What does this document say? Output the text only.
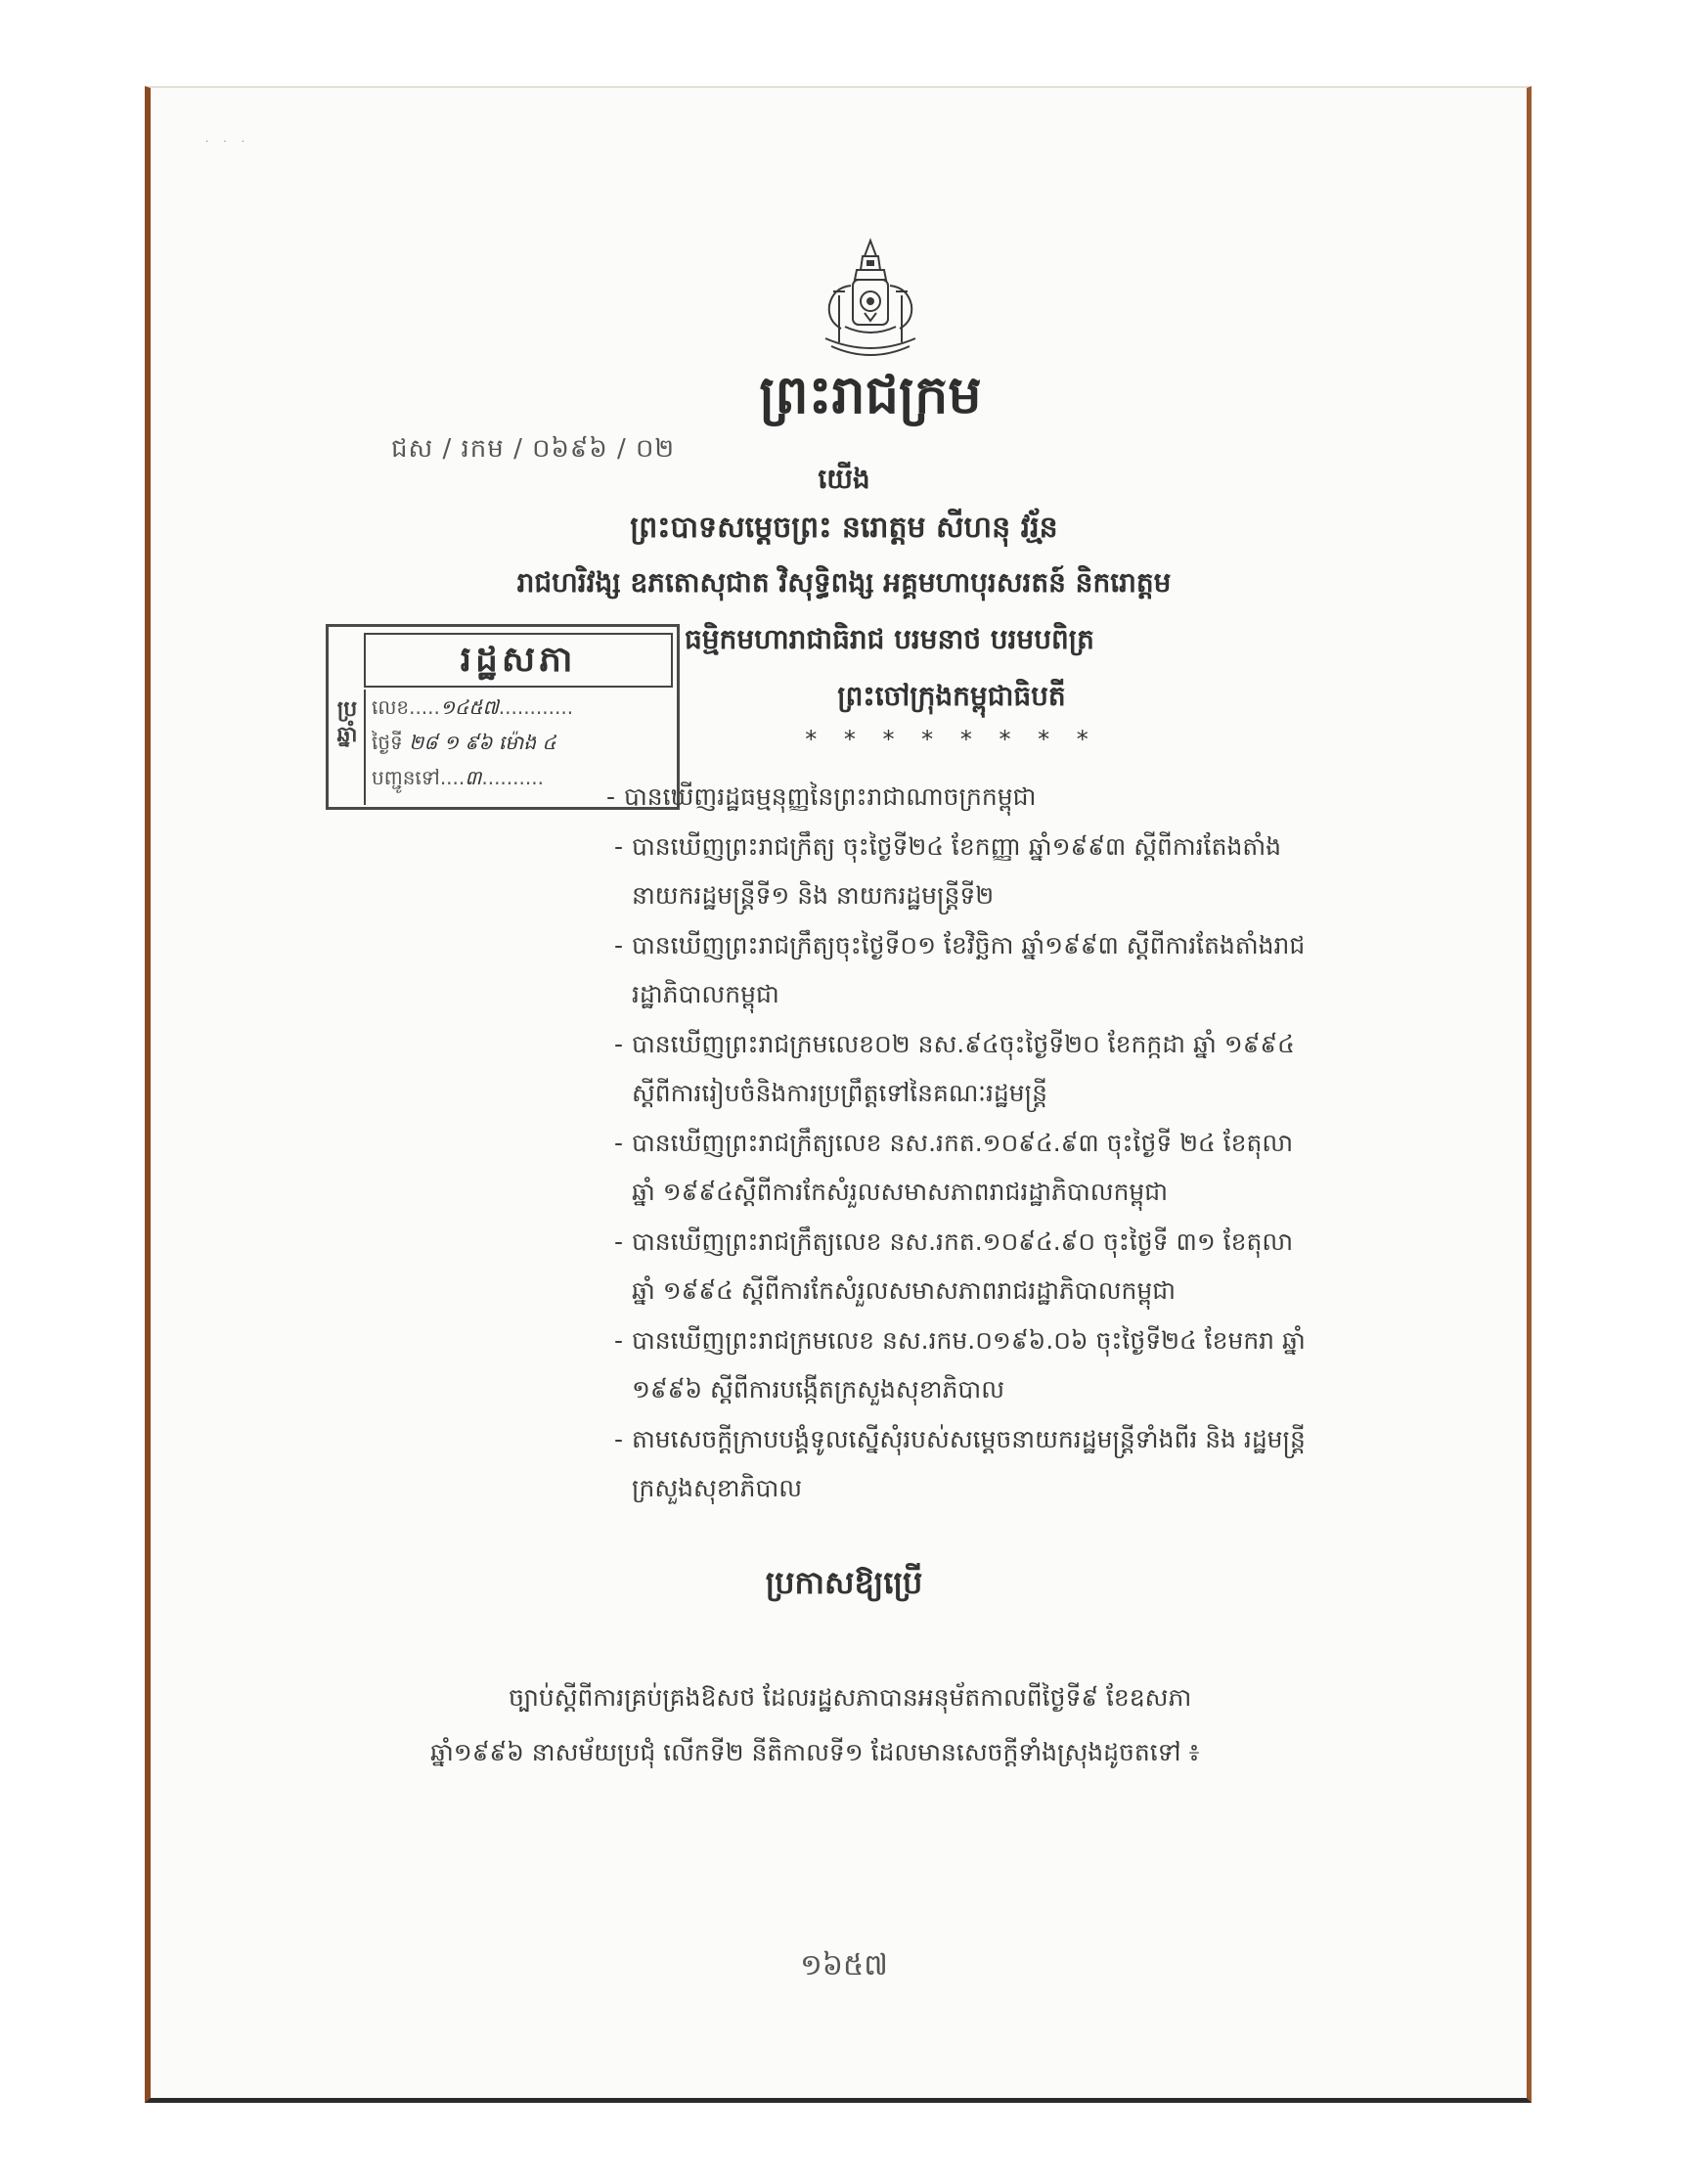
· · ·
ព្រះរាជក្រម
ជស / រកម / ០៦៩៦ / ០២
យើង
ព្រះបាទសម្តេចព្រះ នរោត្តម សីហនុ វរ្ម័ន
រាជហរិវង្ស ឧភតោសុជាត វិសុទ្ធិពង្ស អគ្គមហាបុរសរតន៍ និករោត្តម
ធម្មិកមហារាជាធិរាជ បរមនាថ បរមបពិត្រ
ព្រះចៅក្រុងកម្ពុជាធិបតី
* * * * * * * *
រដ្ឋសភា
ប្រ ឆ្នាំ
លេខ.....១៤៥៧............
ថ្ងៃទី ២៨ ១ ៩៦ ម៉ោង ៤
បញ្ជូនទៅ....៣..........
- បានឃើញរដ្ឋធម្មនុញ្ញនៃព្រះរាជាណាចក្រកម្ពុជា
- បានឃើញព្រះរាជក្រឹត្យ ចុះថ្ងៃទី២៤ ខែកញ្ញា ឆ្នាំ១៩៩៣ ស្តីពីការតែងតាំងនាយករដ្ឋមន្ត្រីទី១ និង នាយករដ្ឋមន្ត្រីទី២
- បានឃើញព្រះរាជក្រឹត្យចុះថ្ងៃទី០១ ខែវិច្ឆិកា ឆ្នាំ១៩៩៣ ស្តីពីការតែងតាំងរាជរដ្ឋាភិបាលកម្ពុជា
- បានឃើញព្រះរាជក្រមលេខ០២ នស.៩៤ចុះថ្ងៃទី២០ ខែកក្កដា ឆ្នាំ ១៩៩៤ ស្តីពីការរៀបចំនិងការប្រព្រឹត្តទៅនៃគណៈរដ្ឋមន្ត្រី
- បានឃើញព្រះរាជក្រឹត្យលេខ នស.រកត.១០៩៤.៩៣ ចុះថ្ងៃទី ២៤ ខែតុលា ឆ្នាំ ១៩៩៤ស្តីពីការកែសំរួលសមាសភាពរាជរដ្ឋាភិបាលកម្ពុជា
- បានឃើញព្រះរាជក្រឹត្យលេខ នស.រកត.១០៩៤.៩០ ចុះថ្ងៃទី ៣១ ខែតុលា ឆ្នាំ ១៩៩៤ ស្តីពីការកែសំរួលសមាសភាពរាជរដ្ឋាភិបាលកម្ពុជា
- បានឃើញព្រះរាជក្រមលេខ នស.រកម.០១៩៦.០៦ ចុះថ្ងៃទី២៤ ខែមករា ឆ្នាំ ១៩៩៦ ស្តីពីការបង្កើតក្រសួងសុខាភិបាល
- តាមសេចក្តីក្រាបបង្គំទូលស្នើសុំរបស់សម្តេចនាយករដ្ឋមន្ត្រីទាំងពីរ និង រដ្ឋមន្ត្រីក្រសួងសុខាភិបាល
ប្រកាសឱ្យប្រើ
ច្បាប់ស្តីពីការគ្រប់គ្រងឱសថ ដែលរដ្ឋសភាបានអនុម័តកាលពីថ្ងៃទី៩ ខែឧសភា
ឆ្នាំ១៩៩៦ នាសម័យប្រជុំ លើកទី២ នីតិកាលទី១ ដែលមានសេចក្តីទាំងស្រុងដូចតទៅ ៖
១៦៥៧
